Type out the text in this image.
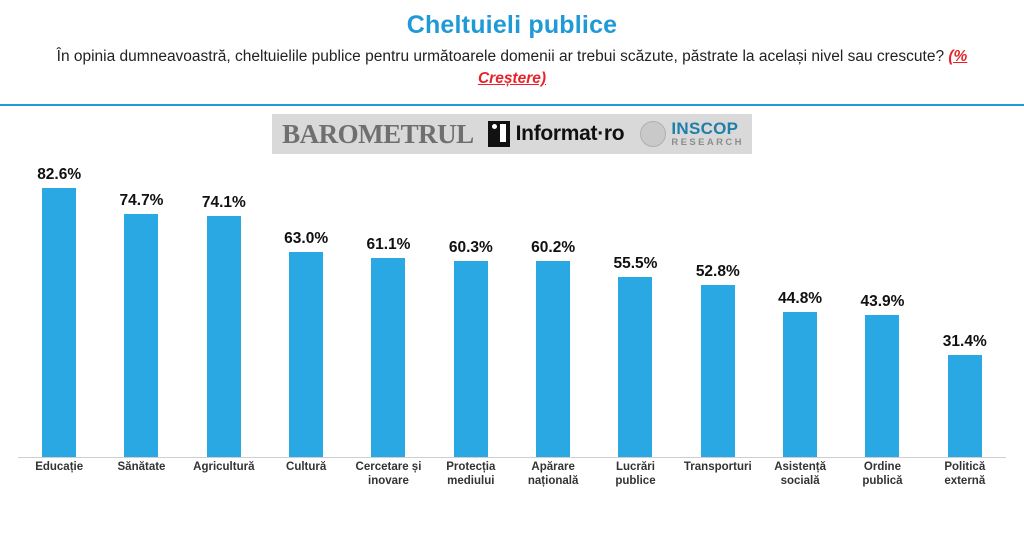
Cheltuieli publice
În opinia dumneavoastră, cheltuielile publice pentru următoarele domenii ar trebui scăzute, păstrate la același nivel sau crescute? (% Creștere)
BAROMETRUL	Informat·ro	INSCOP
RESEARCH
82.6%
74.7% 74.1%
63.0% 61.1% 60.3% 60.2%
55.5%
52.8%
44.8% 43.9%
31.4%
Educație	Sănătate	Agricultură	Cultură	Cercetare și inovare
Protecția mediului
Apărare națională
Lucrări publice
Transporturi	Asistență socială
Ordine publică
Politică externă
